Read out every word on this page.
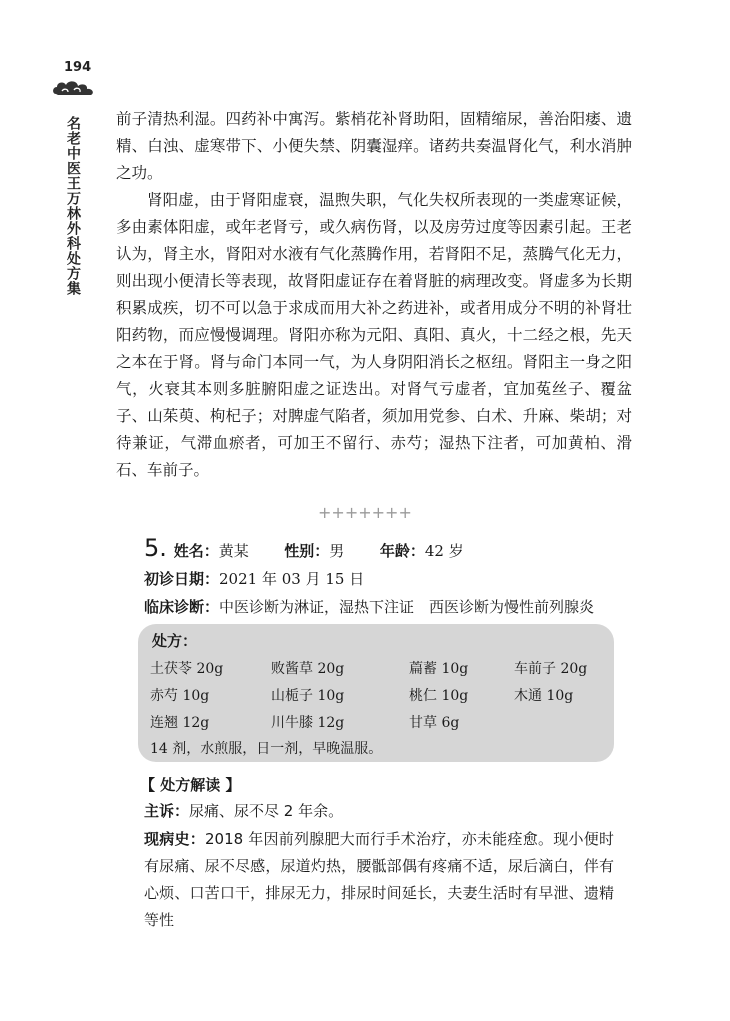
194
名老中医王万林外科处方集 前子清热利湿。四药补中寓泻。紫梢花补肾助阳，固精缩尿，善治阳痿、遗精、白浊、虚寒带下、小便失禁、阴囊湿痒。诸药共奏温肾化气，利水消肿之功。

肾阳虚，由于肾阳虚衰，温煦失职，气化失权所表现的一类虚寒证候，多由素体阳虚，或年老肾亏，或久病伤肾，以及房劳过度等因素引起。王老认为，肾主水，肾阳对水液有气化蒸腾作用，若肾阳不足，蒸腾气化无力，则出现小便清长等表现，故肾阳虚证存在着肾脏的病理改变。肾虚多为长期积累成疾，切不可以急于求成而用大补之药进补，或者用成分不明的补肾壮阳药物，而应慢慢调理。肾阳亦称为元阳、真阳、真火，十二经之根，先天之本在于肾。肾与命门本同一气，为人身阴阳消长之枢纽。肾阳主一身之阳气，火衰其本则多脏腑阳虚之证迭出。对肾气亏虚者，宜加菟丝子、覆盆子、山茱萸、枸杞子；对脾虚气陷者，须加用党参、白术、升麻、柴胡；对待兼证，气滞血瘀者，可加王不留行、赤芍；湿热下注者，可加黄柏、滑石、车前子。

+++++++
5. 姓名：黄某 性别：男 年龄：42 岁
初诊日期：2021 年 03 月 15 日
临床诊断：中医诊断为淋证，湿热下注证　西医诊断为慢性前列腺炎
处方：
土茯苓 20g	败酱草 20g	萹蓄 10g	车前子 20g
赤芍 10g	山栀子 10g	桃仁 10g	木通 10g
连翘 12g	川牛膝 12g	甘草 6g
14 剂，水煎服，日一剂，早晚温服。
【 处方解读 】
主诉：尿痛、尿不尽 2 年余。

现病史：2018 年因前列腺肥大而行手术治疗，亦未能痊愈。现小便时有尿痛、尿不尽感，尿道灼热，腰骶部偶有疼痛不适，尿后滴白，伴有心烦、口苦口干，排尿无力，排尿时间延长，夫妻生活时有早泄、遗精等性
